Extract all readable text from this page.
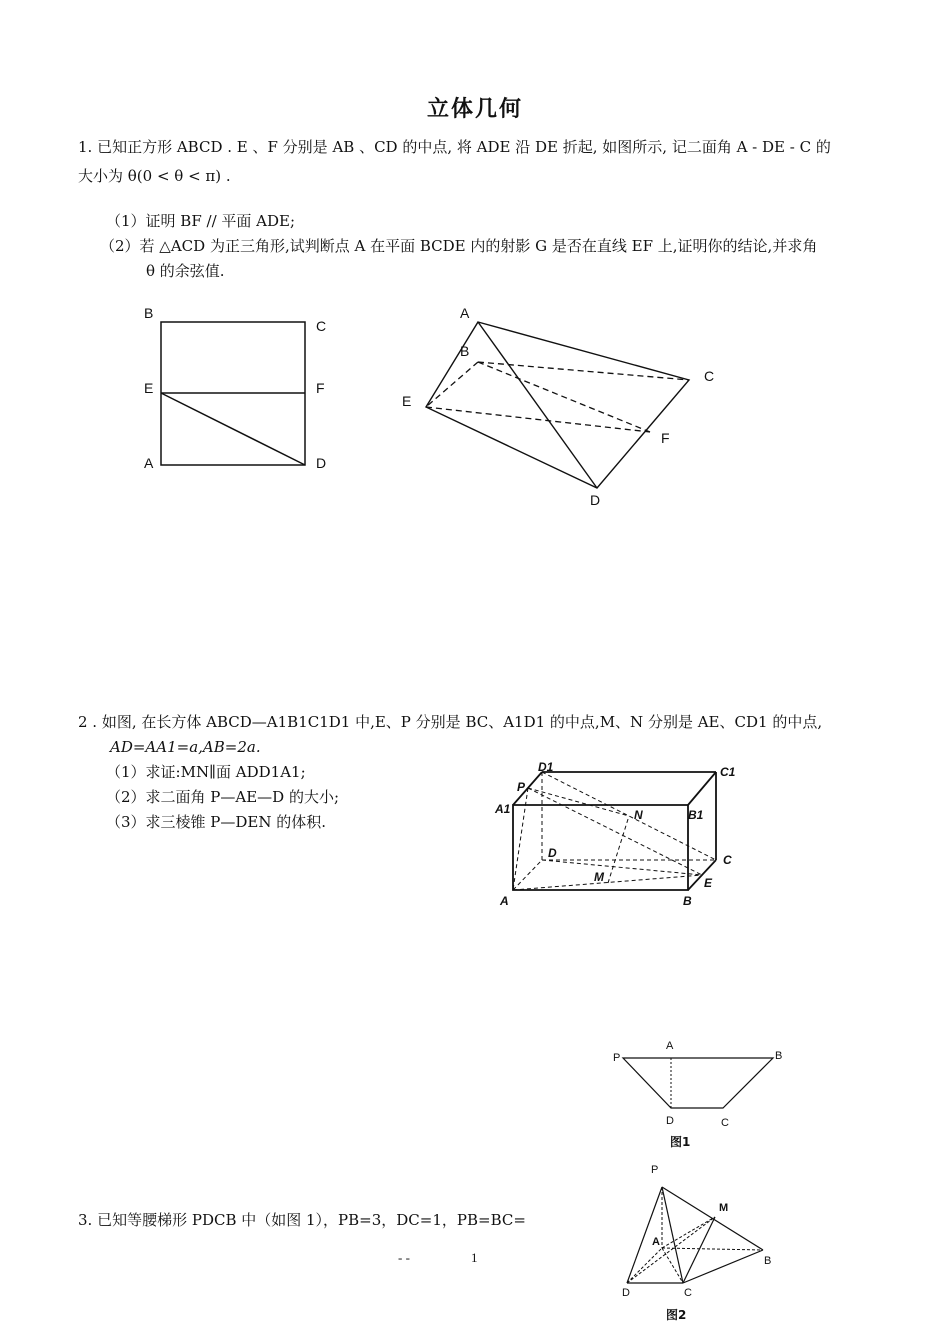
立体几何
1. 已知正方形 ABCD . E 、F 分别是 AB 、CD 的中点, 将 ADE 沿 DE 折起, 如图所示, 记二面角 A - DE - C 的
大小为 θ(0 < θ < π) .
（1）证明 BF // 平面 ADE;
（2）若 △ACD 为正三角形,试判断点 A 在平面 BCDE 内的射影 G 是否在直线 EF 上,证明你的结论,并求角
θ 的余弦值.
B
C
E	F
A	D
A
B
C
E
F
D
2 . 如图, 在长方体 ABCD—A1B1C1D1 中,E、P 分别是 BC、A1D1 的中点,M、N 分别是 AE、CD1 的中点,
AD=AA1=a,AB=2a.
（1）求证:MN∥面 ADD1A1;
（2）求二面角 P—AE—D 的大小;
（3）求三棱锥 P—DEN 的体积.
D1	C1
P
A1	B1
N
D	C
M	E
A	B
P
A
B
D	C
图1
3. 已知等腰梯形 PDCB 中（如图 1），PB=3，DC=1，PB=BC=
P
M
A
B
D	C
图2
- -	1
